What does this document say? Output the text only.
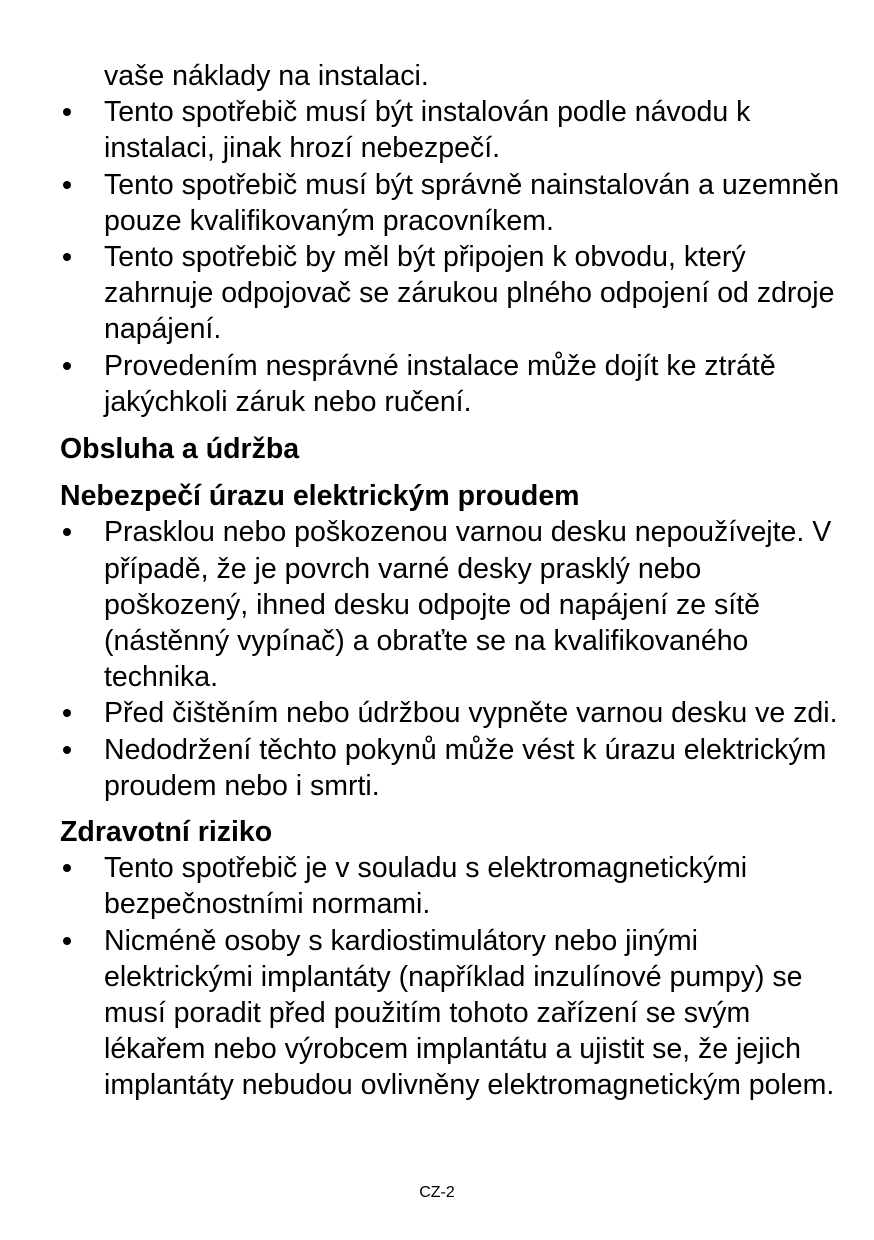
vaše náklady na instalaci.

Tento spotřebič musí být instalován podle návodu k instalaci, jinak hrozí nebezpečí.
Tento spotřebič musí být správně nainstalován a uzemněn pouze kvalifikovaným pracovníkem.
Tento spotřebič by měl být připojen k obvodu, který zahrnuje odpojovač se zárukou plného odpojení od zdroje napájení.
Provedením nesprávné instalace může dojít ke ztrátě jakýchkoli záruk nebo ručení.
Obsluha a údržba
Nebezpečí úrazu elektrickým proudem
Prasklou nebo poškozenou varnou desku nepoužívejte. V případě, že je povrch varné desky prasklý nebo poškozený, ihned desku odpojte od napájení ze sítě (nástěnný vypínač) a obraťte se na kvalifikovaného technika.
Před čištěním nebo údržbou vypněte varnou desku ve zdi.
Nedodržení těchto pokynů může vést k úrazu elektrickým proudem nebo i smrti.
Zdravotní riziko
Tento spotřebič je v souladu s elektromagnetickými bezpečnostními normami.
Nicméně osoby s kardiostimulátory nebo jinými elektrickými implantáty (například inzulínové pumpy) se musí poradit před použitím tohoto zařízení se svým lékařem nebo výrobcem implantátu a ujistit se, že jejich implantáty nebudou ovlivněny elektromagnetickým polem.
CZ-2
